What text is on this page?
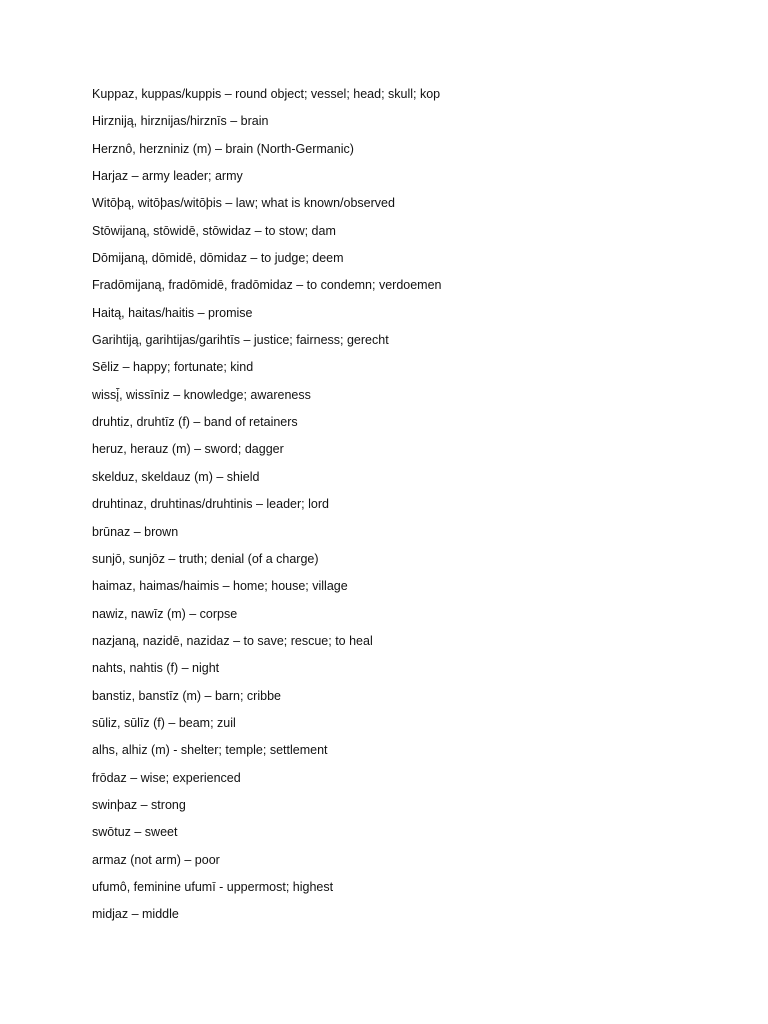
Kuppaz, kuppas/kuppis – round object; vessel; head; skull; kop
Hirzniją, hirznijas/hirznīs – brain
Herznô, herzniniz (m) – brain (North-Germanic)
Harjaz – army leader; army
Witōþą, witōþas/witōþis – law; what is known/observed
Stōwijaną, stōwidē, stōwidaz – to stow; dam
Dōmijaną, dōmidē, dōmidaz – to judge; deem
Fradōmijaną, fradōmidē, fradōmidaz – to condemn; verdoemen
Haitą, haitas/haitis – promise
Garihtiją, garihtijas/garihtīs – justice; fairness; gerecht
Sēliz – happy; fortunate; kind
wissį̄, wissīniz – knowledge; awareness
druhtiz, druhtīz (f) – band of retainers
heruz, herauz (m) – sword; dagger
skelduz, skeldauz (m) – shield
druhtinaz, druhtinas/druhtinis – leader; lord
brūnaz – brown
sunjō, sunjōz – truth; denial (of a charge)
haimaz, haimas/haimis – home; house; village
nawiz, nawīz (m) – corpse
nazjaną, nazidē, nazidaz – to save; rescue; to heal
nahts, nahtis (f) – night
banstiz, banstīz (m) – barn; cribbe
sūliz, sūlīz (f) – beam; zuil
alhs, alhiz (m) - shelter; temple; settlement
frōdaz – wise; experienced
swinþaz – strong
swōtuz – sweet
armaz (not arm) – poor
ufumô, feminine ufumī - uppermost; highest
midjaz – middle
